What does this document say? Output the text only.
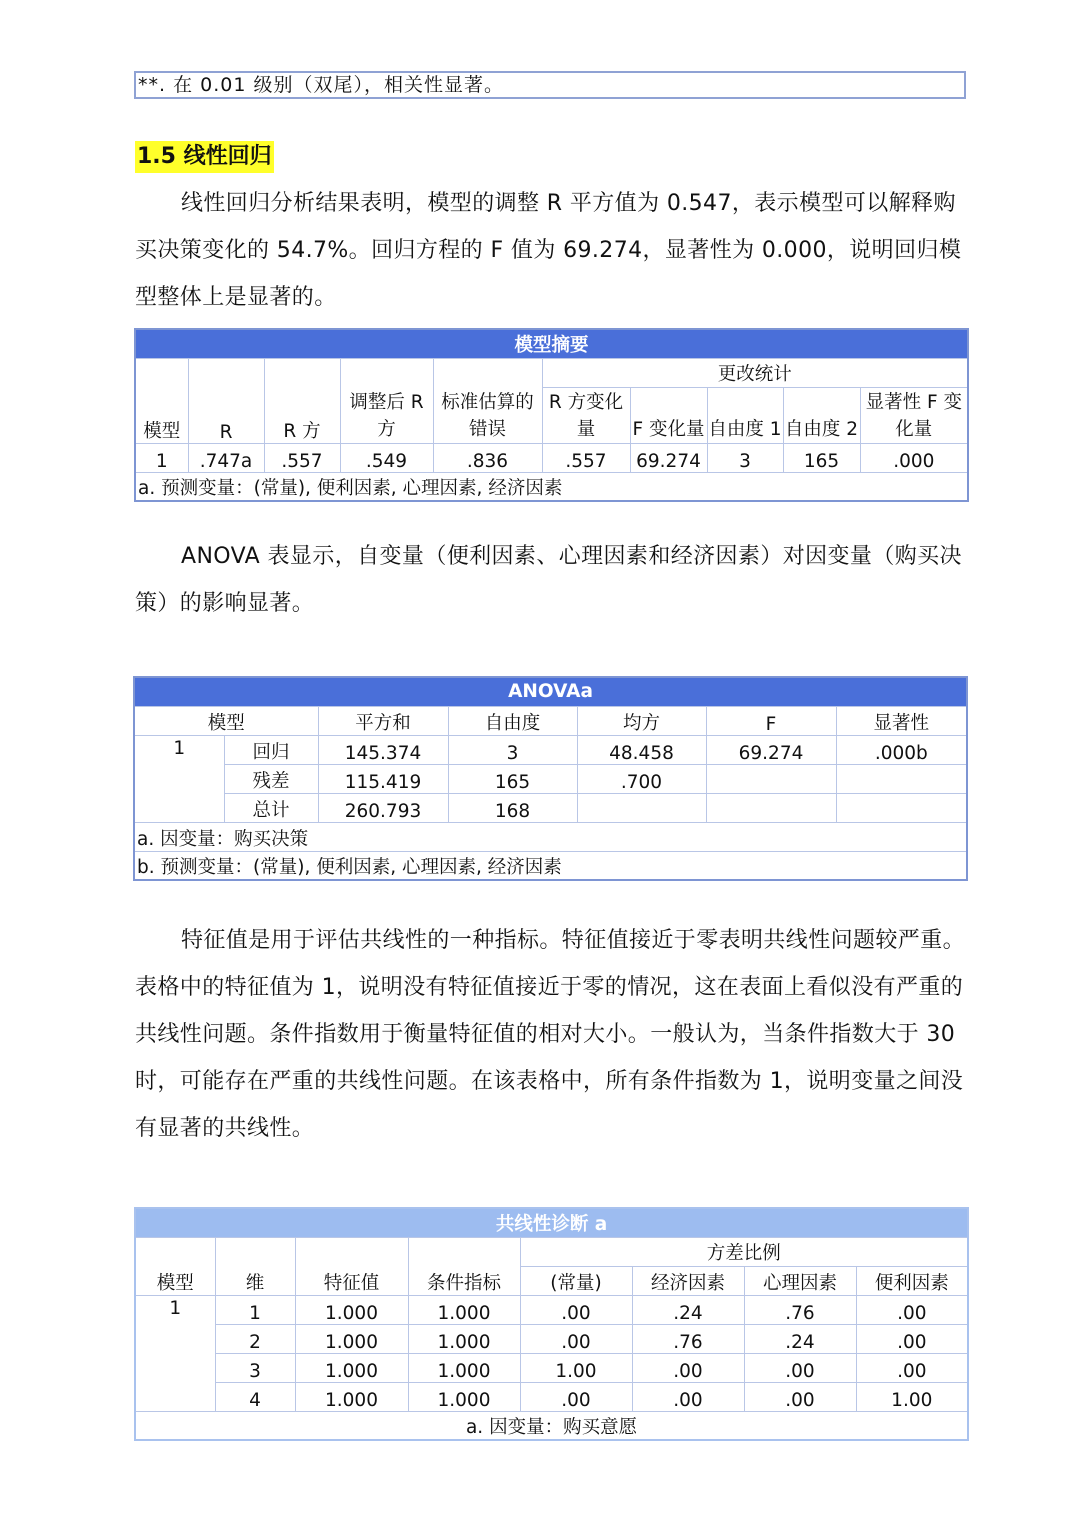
**. 在 0.01 级别（双尾），相关性显著。
1.5 线性回归

线性回归分析结果表明，模型的调整 R 平方值为 0.547，表示模型可以解释购买决策变化的 54.7%。回归方程的 F 值为 69.274，显著性为 0.000，说明回归模型整体上是显著的。

模型摘要									
模型	R	R 方	调整后 R 方	标准估算的错误	更改统计				
					R 方变化量	F 变化量	自由度 1	自由度 2	显著性 F 变化量
1	.747a	.557	.549	.836	.557	69.274	3	165	.000
a. 预测变量：(常量), 便利因素, 心理因素, 经济因素									

ANOVA 表显示，自变量（便利因素、心理因素和经济因素）对因变量（购买决策）的影响显著。

ANOVAa						
模型		平方和	自由度	均方	F	显著性
1	回归	145.374	3	48.458	69.274	.000b
	残差	115.419	165	.700		
	总计	260.793	168			
a. 因变量：购买决策						
b. 预测变量：(常量), 便利因素, 心理因素, 经济因素						

特征值是用于评估共线性的一种指标。特征值接近于零表明共线性问题较严重。表格中的特征值为 1，说明没有特征值接近于零的情况，这在表面上看似没有严重的共线性问题。条件指数用于衡量特征值的相对大小。一般认为，当条件指数大于 30 时，可能存在严重的共线性问题。在该表格中，所有条件指数为 1，说明变量之间没有显著的共线性。

共线性诊断 a							
模型	维	特征值	条件指标	方差比例			
				(常量)	经济因素	心理因素	便利因素
1	1	1.000	1.000	.00	.24	.76	.00
	2	1.000	1.000	.00	.76	.24	.00
	3	1.000	1.000	1.00	.00	.00	.00
	4	1.000	1.000	.00	.00	.00	1.00
a. 因变量：购买意愿							
